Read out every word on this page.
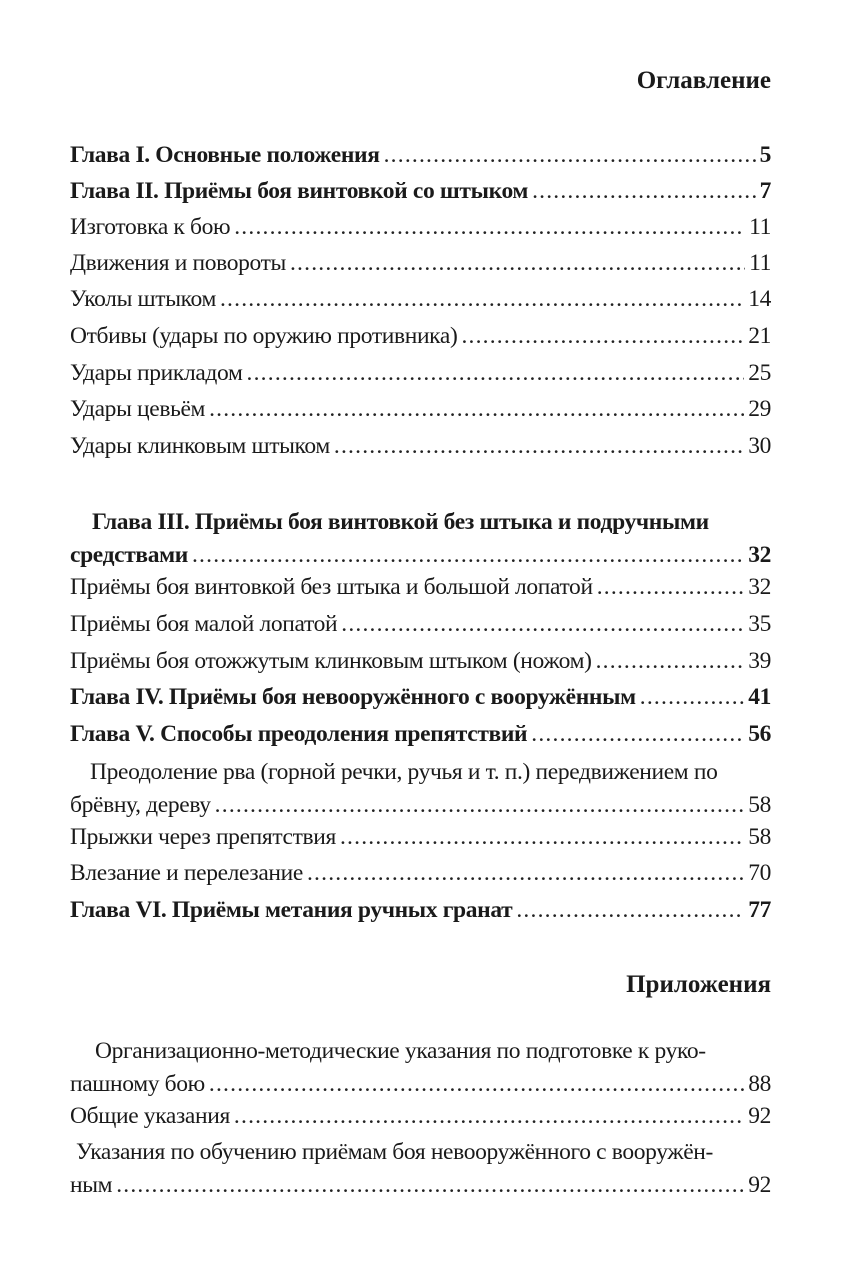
Оглавление
Глава I. Основные положения .....	5
Глава II. Приёмы боя винтовкой со штыком .....	7
Изготовка к бою .....	11
Движения и повороты .....	11
Уколы штыком .....	14
Отбивы (удары по оружию противника) .....	21
Удары прикладом .....	25
Удары цевьём .....	29
Удары клинковым штыком .....	30
Глава III. Приёмы боя винтовкой без штыка и подручными
средствами .....	32
Приёмы боя винтовкой без штыка и большой лопатой .....	32
Приёмы боя малой лопатой .....	35
Приёмы боя отожжутым клинковым штыком (ножом) .....	39
Глава IV. Приёмы боя невооружённого с вооружённым .....	41
Глава V. Способы преодоления препятствий .....	56
Преодоление рва (горной речки, ручья и т. п.) передвижением по
брёвну, дереву .....	58
Прыжки через препятствия .....	58
Влезание и перелезание .....	70
Глава VI. Приёмы метания ручных гранат .....	77
Приложения
Организационно-методические указания по подготовке к руко-
пашному бою .....	88
Общие указания .....	92
Указания по обучению приёмам боя невооружённого с вооружён-
ным .....	92
